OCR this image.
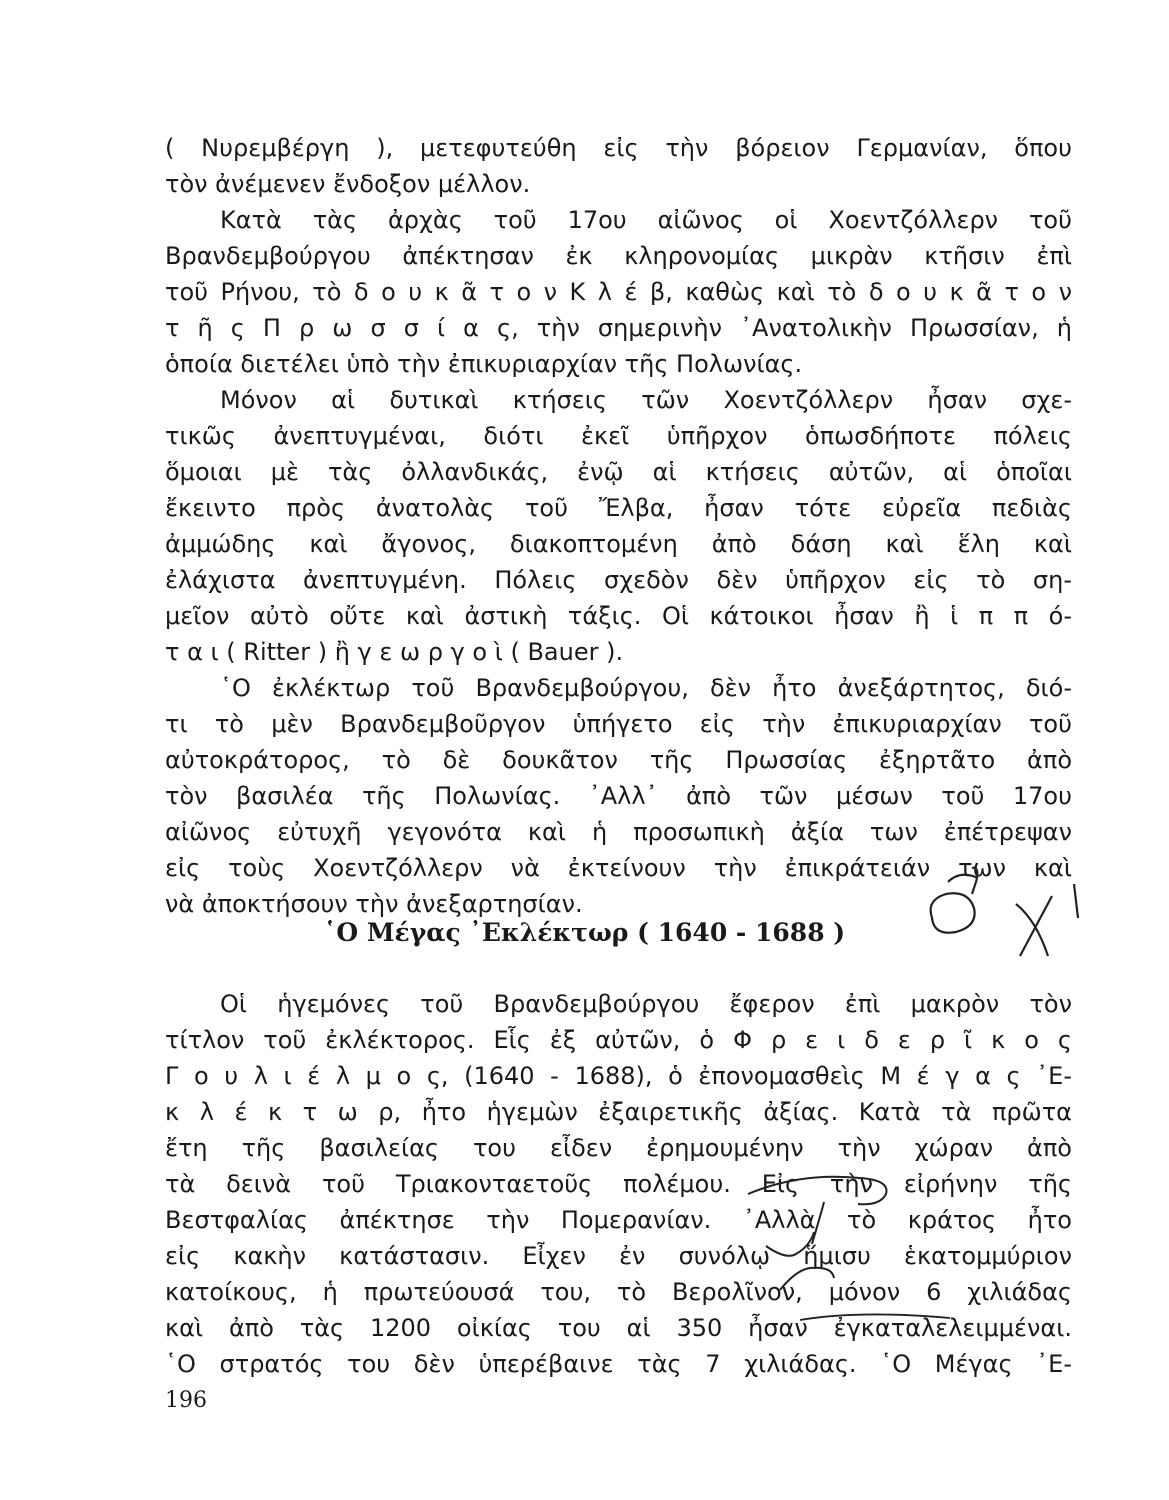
( Νυρεμβέργη ), μετεφυτεύθη εἰς τὴν βόρειον Γερμανίαν, ὅπου
τὸν ἀνέμενεν ἔνδοξον μέλλον.
Κατὰ τὰς ἀρχὰς τοῦ 17ου αἰῶνος οἱ Χοεντζόλλερν τοῦ
Βρανδεμβούργου ἀπέκτησαν ἐκ κληρονομίας μικρὰν κτῆσιν ἐπὶ
τοῦ Ρήνου, τὸ δ ο υ κ ᾶ τ ο ν Κ λ έ β, καθὼς καὶ τὸ δ ο υ κ ᾶ τ ο ν
τ ῆ ς Π ρ ω σ σ ί α ς, τὴν σημερινὴν ᾿Ανατολικὴν Πρωσσίαν, ἡ
ὁποία διετέλει ὑπὸ τὴν ἐπικυριαρχίαν τῆς Πολωνίας.
Μόνον αἱ δυτικαὶ κτήσεις τῶν Χοεντζόλλερν ἦσαν σχε-
τικῶς ἀνεπτυγμέναι, διότι ἐκεῖ ὑπῆρχον ὁπωσδήποτε πόλεις
ὅμοιαι μὲ τὰς ὀλλανδικάς, ἐνῷ αἱ κτήσεις αὐτῶν, αἱ ὁποῖαι
ἔκειντο πρὸς ἀνατολὰς τοῦ Ἔλβα, ἦσαν τότε εὐρεῖα πεδιὰς
ἀμμώδης καὶ ἄγονος, διακοπτομένη ἀπὸ δάση καὶ ἕλη καὶ
ἐλάχιστα ἀνεπτυγμένη. Πόλεις σχεδὸν δὲν ὑπῆρχον εἰς τὸ ση-
μεῖον αὐτὸ οὔτε καὶ ἀστικὴ τάξις. Οἱ κάτοικοι ἦσαν ἢ ἱ π π ό-
τ α ι ( Ritter ) ἢ γ ε ω ρ γ ο ὶ ( Bauer ).
῾Ο ἐκλέκτωρ τοῦ Βρανδεμβούργου, δὲν ἦτο ἀνεξάρτητος, διό-
τι τὸ μὲν Βρανδεμβοῦργον ὑπήγετο εἰς τὴν ἐπικυριαρχίαν τοῦ
αὐτοκράτορος, τὸ δὲ δουκᾶτον τῆς Πρωσσίας ἐξηρτᾶτο ἀπὸ
τὸν βασιλέα τῆς Πολωνίας. ᾿Αλλ᾿ ἀπὸ τῶν μέσων τοῦ 17ου
αἰῶνος εὐτυχῆ γεγονότα καὶ ἡ προσωπικὴ ἀξία των ἐπέτρεψαν
εἰς τοὺς Χοεντζόλλερν νὰ ἐκτείνουν τὴν ἐπικράτειάν των καὶ
νὰ ἀποκτήσουν τὴν ἀνεξαρτησίαν.
῾Ο Μέγας ᾿Εκλέκτωρ ( 1640 - 1688 )
Οἱ ἡγεμόνες τοῦ Βρανδεμβούργου ἔφερον ἐπὶ μακρὸν τὸν
τίτλον τοῦ ἐκλέκτορος. Εἷς ἐξ αὐτῶν, ὁ Φ ρ ε ι δ ε ρ ῖ κ ο ς
Γ ο υ λ ι έ λ μ ο ς, (1640 - 1688), ὁ ἐπονομασθεὶς Μ έ γ α ς ᾿Ε-
κ λ έ κ τ ω ρ, ἦτο ἡγεμὼν ἐξαιρετικῆς ἀξίας. Κατὰ τὰ πρῶτα
ἔτη τῆς βασιλείας του εἶδεν ἐρημουμένην τὴν χώραν ἀπὸ
τὰ δεινὰ τοῦ Τριακονταετοῦς πολέμου. Εἰς τὴν εἰρήνην τῆς
Βεστφαλίας ἀπέκτησε τὴν Πομερανίαν. ᾿Αλλὰ τὸ κράτος ἦτο
εἰς κακὴν κατάστασιν. Εἶχεν ἐν συνόλῳ ἥμισυ ἑκατομμύριον
κατοίκους, ἡ πρωτεύουσά του, τὸ Βερολῖνον, μόνον 6 χιλιάδας
καὶ ἀπὸ τὰς 1200 οἰκίας του αἱ 350 ἦσαν ἐγκαταλελειμμέναι.
῾Ο στρατός του δὲν ὑπερέβαινε τὰς 7 χιλιάδας. ῾Ο Μέγας ᾿Ε-
196
